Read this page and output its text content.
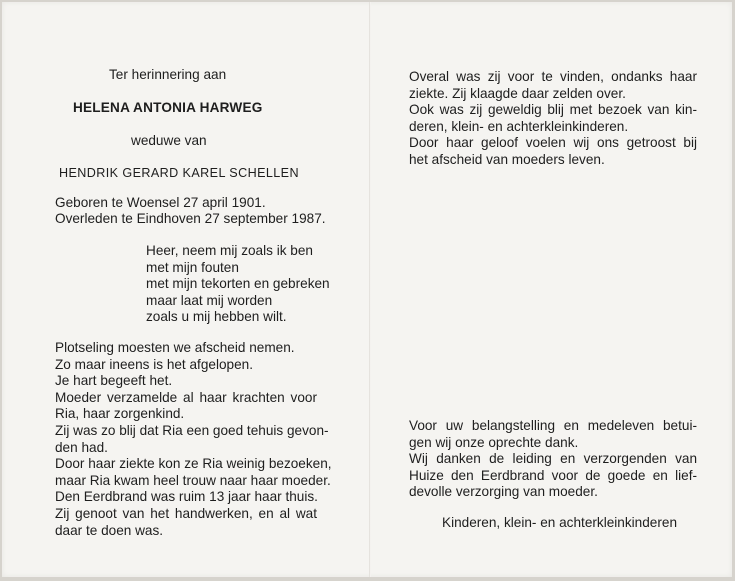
Ter herinnering aan
HELENA ANTONIA HARWEG
weduwe van
HENDRIK GERARD KAREL SCHELLEN
Geboren te Woensel 27 april 1901.
Overleden te Eindhoven 27 september 1987.
Heer, neem mij zoals ik ben
met mijn fouten
met mijn tekorten en gebreken
maar laat mij worden
zoals u mij hebben wilt.
Plotseling moesten we afscheid nemen.
Zo maar ineens is het afgelopen.
Je hart begeeft het.
Moeder verzamelde al haar krachten voor
Ria, haar zorgenkind.
Zij was zo blij dat Ria een goed tehuis gevon-
den had.
Door haar ziekte kon ze Ria weinig bezoeken,
maar Ria kwam heel trouw naar haar moeder.
Den Eerdbrand was ruim 13 jaar haar thuis.
Zij genoot van het handwerken, en al wat
daar te doen was.
Overal was zij voor te vinden, ondanks haar
ziekte. Zij klaagde daar zelden over.
Ook was zij geweldig blij met bezoek van kin-
deren, klein- en achterkleinkinderen.
Door haar geloof voelen wij ons getroost bij
het afscheid van moeders leven.
Voor uw belangstelling en medeleven betui-
gen wij onze oprechte dank.
Wij danken de leiding en verzorgenden van
Huize den Eerdbrand voor de goede en lief-
devolle verzorging van moeder.
Kinderen, klein- en achterkleinkinderen
